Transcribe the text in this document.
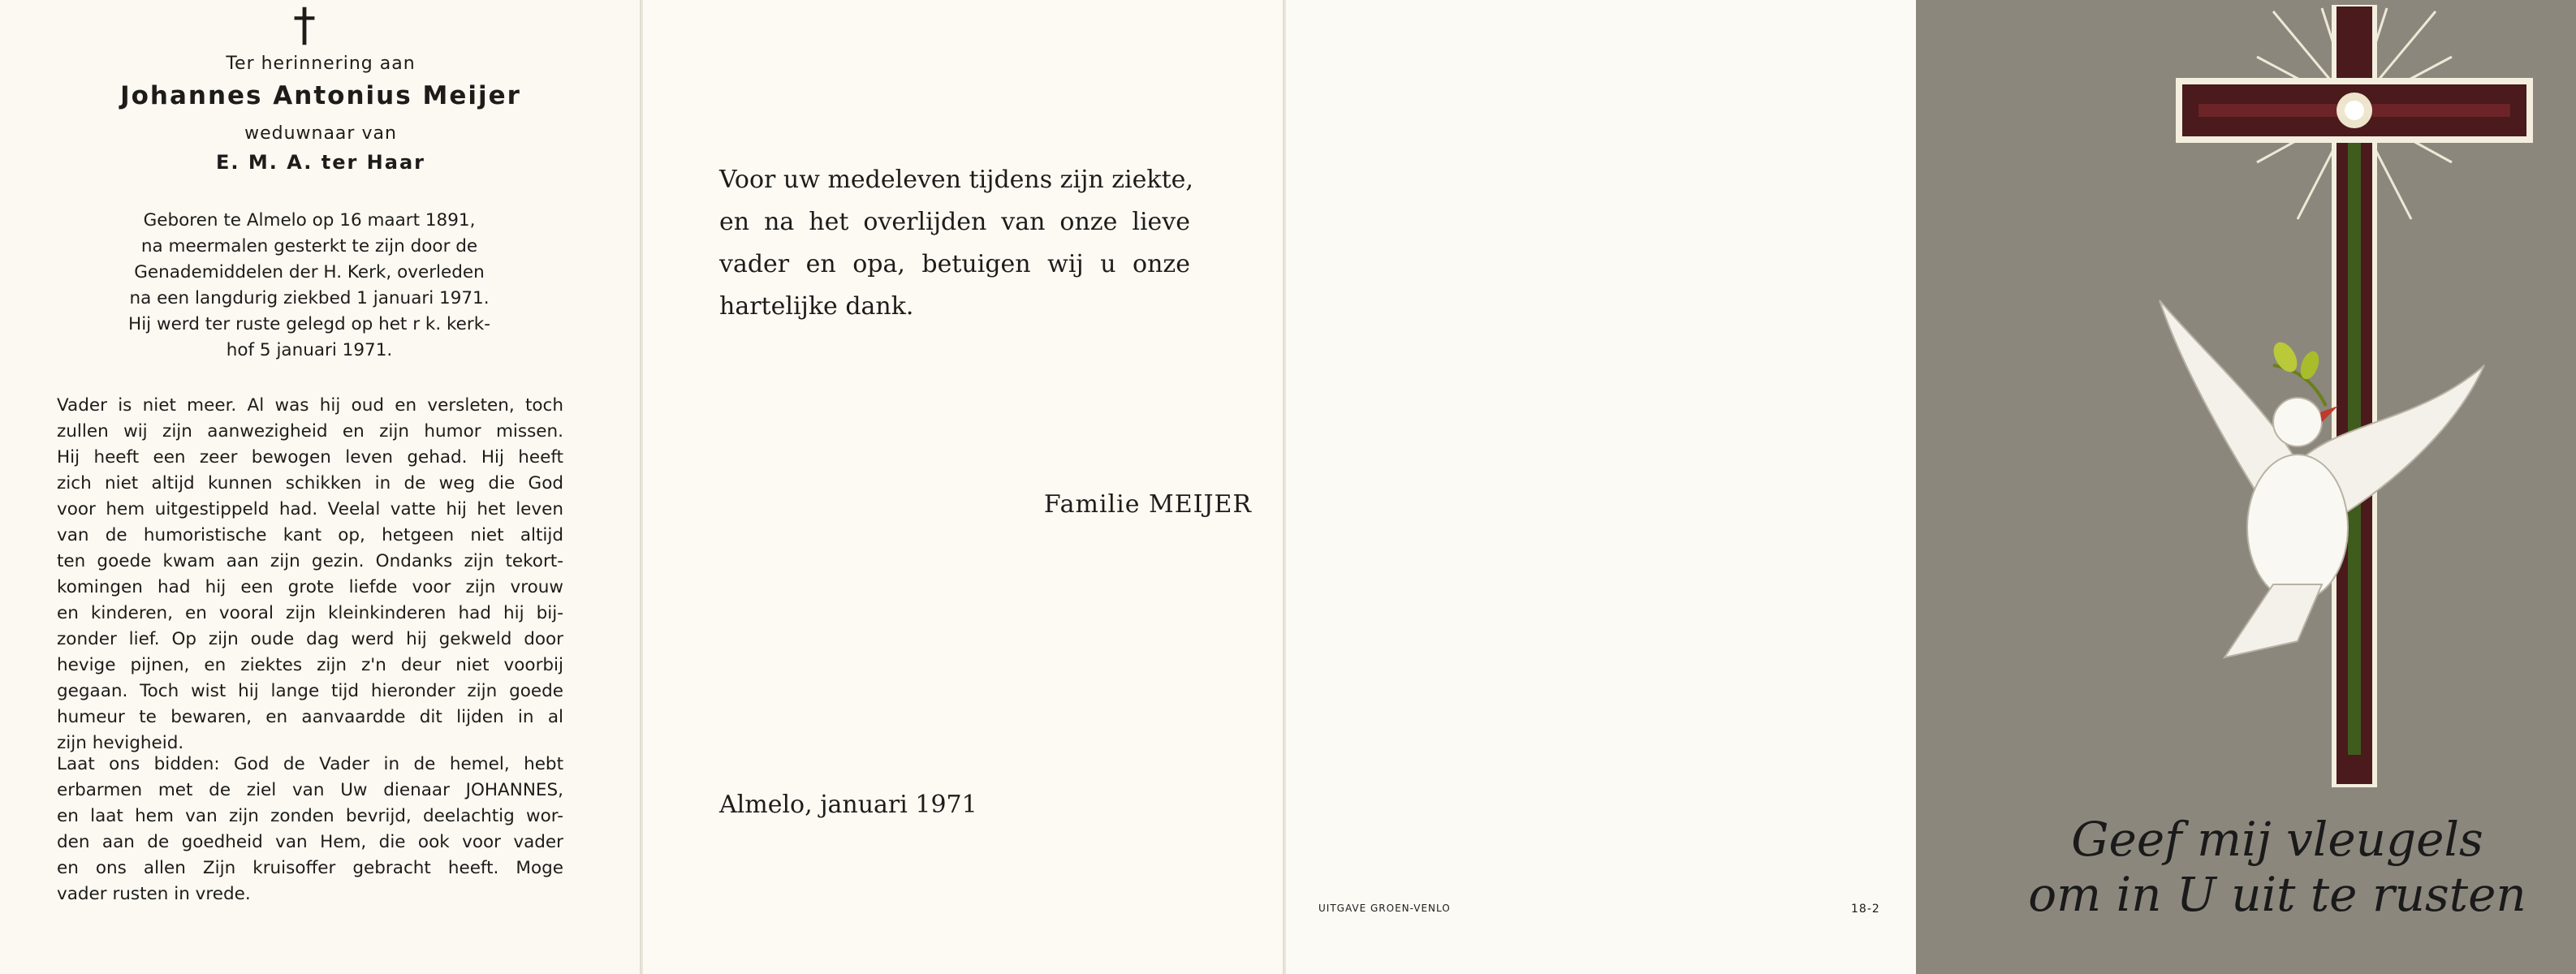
†
Ter herinnering aan
Johannes Antonius Meijer
weduwnaar van
E. M. A. ter Haar
Geboren te Almelo op 16 maart 1891,
na meermalen gesterkt te zijn door de
Genademiddelen der H. Kerk, overleden
na een langdurig ziekbed 1 januari 1971.
Hij werd ter ruste gelegd op het r k. kerk-
hof 5 januari 1971.
Vader is niet meer. Al was hij oud en versleten, toch
zullen wij zijn aanwezigheid en zijn humor missen.
Hij heeft een zeer bewogen leven gehad. Hij heeft
zich niet altijd kunnen schikken in de weg die God
voor hem uitgestippeld had. Veelal vatte hij het leven
van de humoristische kant op, hetgeen niet altijd
ten goede kwam aan zijn gezin. Ondanks zijn tekort-
komingen had hij een grote liefde voor zijn vrouw
en kinderen, en vooral zijn kleinkinderen had hij bij-
zonder lief. Op zijn oude dag werd hij gekweld door
hevige pijnen, en ziektes zijn z'n deur niet voorbij
gegaan. Toch wist hij lange tijd hieronder zijn goede
humeur te bewaren, en aanvaardde dit lijden in al
zijn hevigheid.
Laat ons bidden: God de Vader in de hemel, hebt
erbarmen met de ziel van Uw dienaar JOHANNES,
en laat hem van zijn zonden bevrijd, deelachtig wor-
den aan de goedheid van Hem, die ook voor vader
en ons allen Zijn kruisoffer gebracht heeft. Moge
vader rusten in vrede.
Voor uw medeleven tijdens zijn ziekte,
en na het overlijden van onze lieve
vader en opa, betuigen wij u onze
hartelijke dank.
Familie MEIJER
Almelo, januari 1971
UITGAVE GROEN-VENLO	18-2
Geef mij vleugels
om in U uit te rusten
